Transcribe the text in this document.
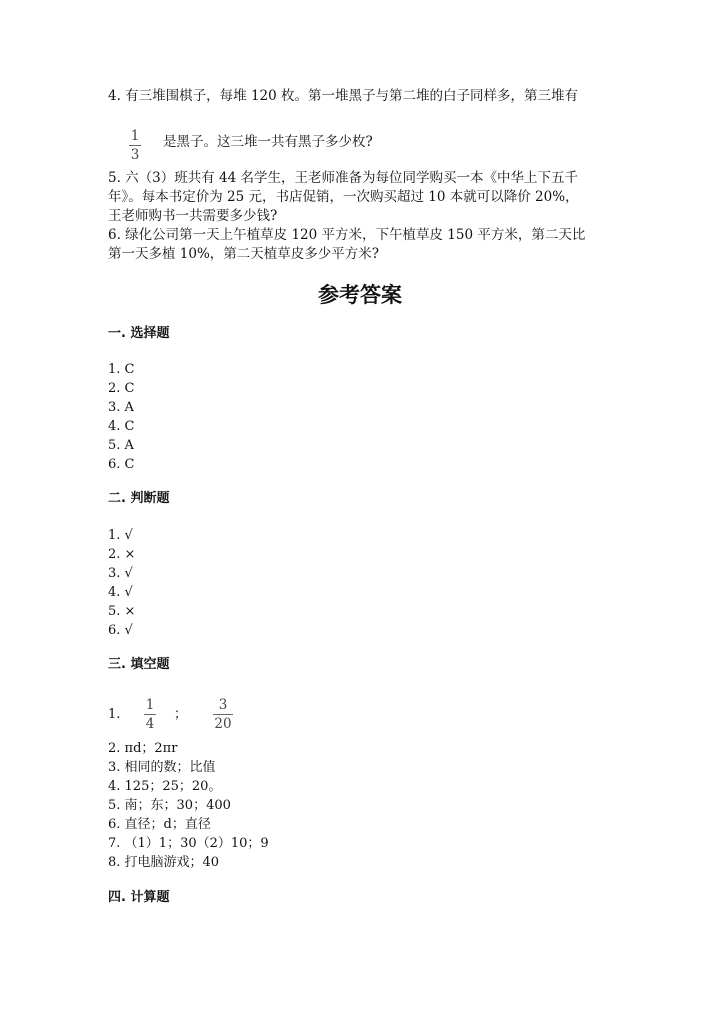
4. 有三堆围棋子，每堆 120 枚。第一堆黑子与第二堆的白子同样多，第三堆有
1
3
是黑子。这三堆一共有黑子多少枚?
5. 六（3）班共有 44 名学生，王老师准备为每位同学购买一本《中华上下五千
年》。每本书定价为 25 元，书店促销，一次购买超过 10 本就可以降价 20%，
王老师购书一共需要多少钱?
6. 绿化公司第一天上午植草皮 120 平方米，下午植草皮 150 平方米，第二天比
第一天多植 10%，第二天植草皮多少平方米?
参考答案
一. 选择题
1. C
2. C
3. A
4. C
5. A
6. C
二. 判断题
1. √
2. ×
3. √
4. √
5. ×
6. √
三. 填空题
1.
1
4
；
3
20
2. πd；2πr
3. 相同的数；比值
4. 125；25；20。
5. 南；东；30；400
6. 直径；d；直径
7. （1）1；30（2）10；9
8. 打电脑游戏；40
四. 计算题
